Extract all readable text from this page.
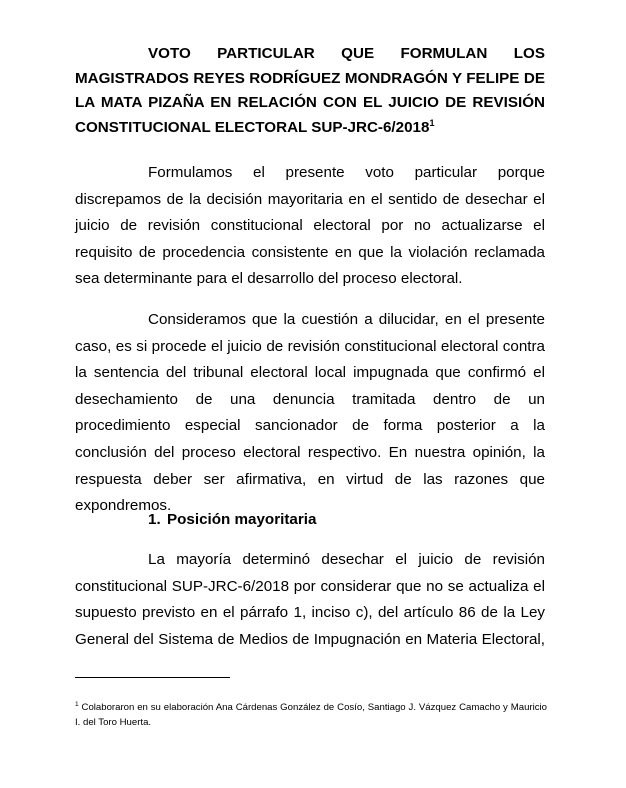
VOTO PARTICULAR QUE FORMULAN LOS MAGISTRADOS REYES RODRÍGUEZ MONDRAGÓN Y FELIPE DE LA MATA PIZAÑA EN RELACIÓN CON EL JUICIO DE REVISIÓN CONSTITUCIONAL ELECTORAL SUP-JRC-6/2018$^1$

Formulamos el presente voto particular porque discrepamos de la decisión mayoritaria en el sentido de desechar el juicio de revisión constitucional electoral por no actualizarse el requisito de procedencia consistente en que la violación reclamada sea determinante para el desarrollo del proceso electoral.

Consideramos que la cuestión a dilucidar, en el presente caso, es si procede el juicio de revisión constitucional electoral contra la sentencia del tribunal electoral local impugnada que confirmó el desechamiento de una denuncia tramitada dentro de un procedimiento especial sancionador de forma posterior a la conclusión del proceso electoral respectivo. En nuestra opinión, la respuesta deber ser afirmativa, en virtud de las razones que expondremos.

1. Posición mayoritaria

La mayoría determinó desechar el juicio de revisión constitucional SUP-JRC-6/2018 por considerar que no se actualiza el supuesto previsto en el párrafo 1, inciso c), del artículo 86 de la Ley General del Sistema de Medios de Impugnación en Materia Electoral,

$^1$ Colaboraron en su elaboración Ana Cárdenas González de Cosío, Santiago J. Vázquez Camacho y Mauricio I. del Toro Huerta.
